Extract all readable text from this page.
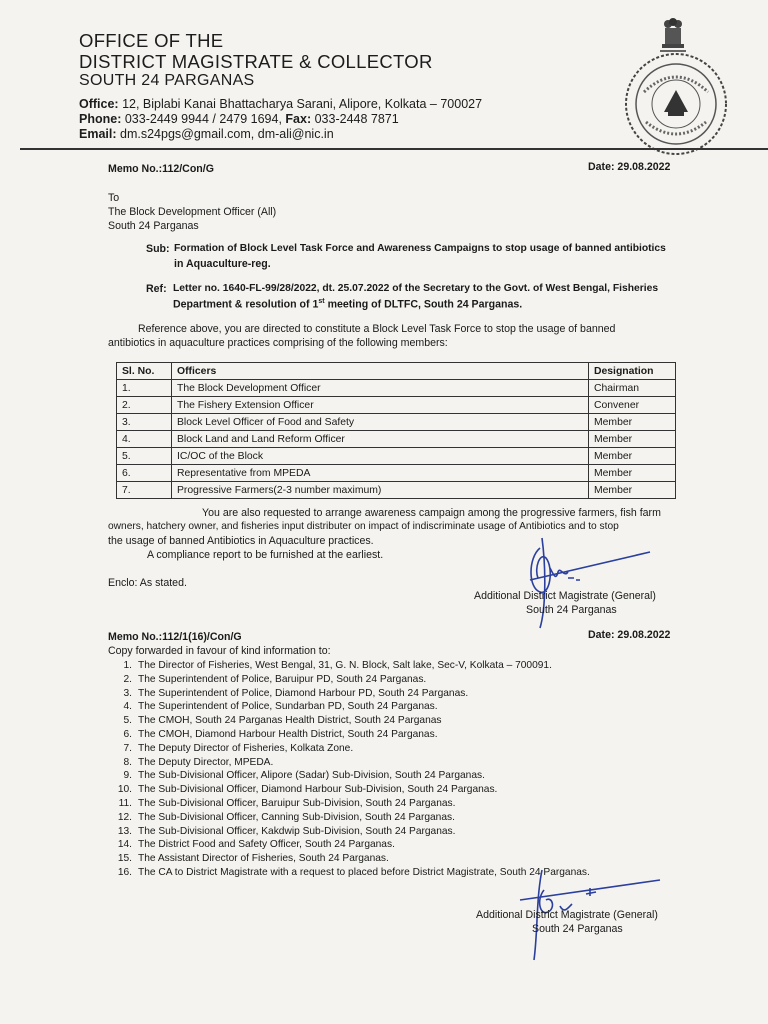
OFFICE OF THE
DISTRICT MAGISTRATE & COLLECTOR
SOUTH 24 PARGANAS
Office: 12, Biplabi Kanai Bhattacharya Sarani, Alipore, Kolkata – 700027
Phone: 033-2449 9944 / 2479 1694, Fax: 033-2448 7871
Email: dm.s24pgs@gmail.com, dm-ali@nic.in
Memo No.:112/Con/G	Date: 29.08.2022
To
The Block Development Officer (All)
South 24 Parganas
Sub: Formation of Block Level Task Force and Awareness Campaigns to stop usage of banned antibiotics
in Aquaculture-reg.
Ref: Letter no. 1640-FL-99/28/2022, dt. 25.07.2022 of the Secretary to the Govt. of West Bengal, Fisheries
Department & resolution of 1st meeting of DLTFC, South 24 Parganas.
Reference above, you are directed to constitute a Block Level Task Force to stop the usage of banned
antibiotics in aquaculture practices comprising of the following members:
Sl. No.	Officers	Designation
1.	The Block Development Officer	Chairman
2.	The Fishery Extension Officer	Convener
3.	Block Level Officer of Food and Safety	Member
4.	Block Land and Land Reform Officer	Member
5.	IC/OC of the Block	Member
6.	Representative from MPEDA	Member
7.	Progressive Farmers(2-3 number maximum)	Member
You are also requested to arrange awareness campaign among the progressive farmers, fish farm
owners, hatchery owner, and fisheries input distributer on impact of indiscriminate usage of Antibiotics and to stop
the usage of banned Antibiotics in Aquaculture practices.
A compliance report to be furnished at the earliest.
Enclo: As stated.
Additional District Magistrate (General)
South 24 Parganas
Memo No.:112/1(16)/Con/G	Date: 29.08.2022
Copy forwarded in favour of kind information to:
1. The Director of Fisheries, West Bengal, 31, G. N. Block, Salt lake, Sec-V, Kolkata – 700091.
2. The Superintendent of Police, Baruipur PD, South 24 Parganas.
3. The Superintendent of Police, Diamond Harbour PD, South 24 Parganas.
4. The Superintendent of Police, Sundarban PD, South 24 Parganas.
5. The CMOH, South 24 Parganas Health District, South 24 Parganas
6. The CMOH, Diamond Harbour Health District, South 24 Parganas.
7. The Deputy Director of Fisheries, Kolkata Zone.
8. The Deputy Director, MPEDA.
9. The Sub-Divisional Officer, Alipore (Sadar) Sub-Division, South 24 Parganas.
10. The Sub-Divisional Officer, Diamond Harbour Sub-Division, South 24 Parganas.
11. The Sub-Divisional Officer, Baruipur Sub-Division, South 24 Parganas.
12. The Sub-Divisional Officer, Canning Sub-Division, South 24 Parganas.
13. The Sub-Divisional Officer, Kakdwip Sub-Division, South 24 Parganas.
14. The District Food and Safety Officer, South 24 Parganas.
15. The Assistant Director of Fisheries, South 24 Parganas.
16. The CA to District Magistrate with a request to placed before District Magistrate, South 24 Parganas.
Additional District Magistrate (General)
South 24 Parganas
